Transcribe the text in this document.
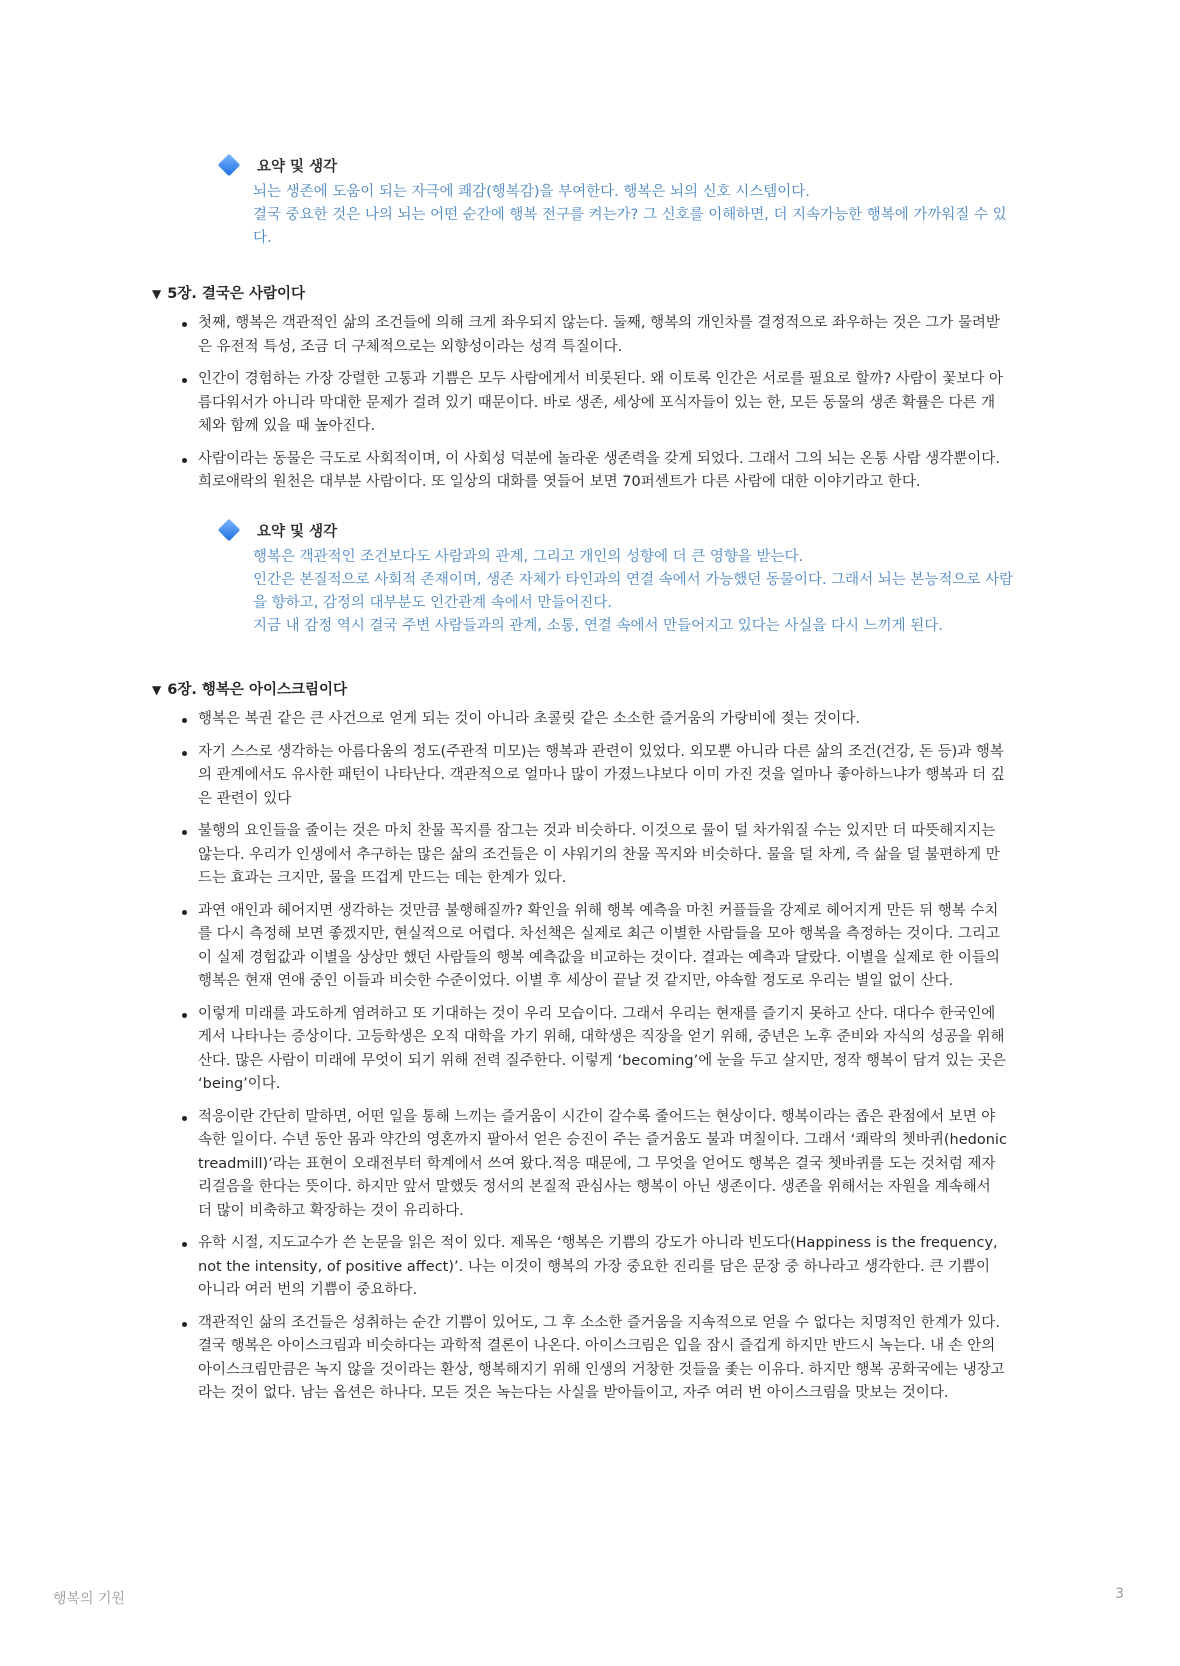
요약 및 생각

뇌는 생존에 도움이 되는 자극에 쾌감(행복감)을 부여한다. 행복은 뇌의 신호 시스템이다.

결국 중요한 것은 나의 뇌는 어떤 순간에 행복 전구를 켜는가? 그 신호를 이해하면, 더 지속가능한 행복에 가까워질 수 있다.

▼ 5장. 결국은 사람이다
첫째, 행복은 객관적인 삶의 조건들에 의해 크게 좌우되지 않는다. 둘째, 행복의 개인차를 결정적으로 좌우하는 것은 그가 물려받은 유전적 특성, 조금 더 구체적으로는 외향성이라는 성격 특질이다.
인간이 경험하는 가장 강렬한 고통과 기쁨은 모두 사람에게서 비롯된다. 왜 이토록 인간은 서로를 필요로 할까? 사람이 꽃보다 아름다워서가 아니라 막대한 문제가 걸려 있기 때문이다. 바로 생존, 세상에 포식자들이 있는 한, 모든 동물의 생존 확률은 다른 개체와 함께 있을 때 높아진다.
사람이라는 동물은 극도로 사회적이며, 이 사회성 덕분에 놀라운 생존력을 갖게 되었다. 그래서 그의 뇌는 온통 사람 생각뿐이다. 희로애락의 원천은 대부분 사람이다. 또 일상의 대화를 엿들어 보면 70퍼센트가 다른 사람에 대한 이야기라고 한다.
요약 및 생각

행복은 객관적인 조건보다도 사람과의 관계, 그리고 개인의 성향에 더 큰 영향을 받는다.

인간은 본질적으로 사회적 존재이며, 생존 자체가 타인과의 연결 속에서 가능했던 동물이다. 그래서 뇌는 본능적으로 사람을 향하고, 감정의 대부분도 인간관계 속에서 만들어진다.

지금 내 감정 역시 결국 주변 사람들과의 관계, 소통, 연결 속에서 만들어지고 있다는 사실을 다시 느끼게 된다.

▼ 6장. 행복은 아이스크림이다
행복은 복권 같은 큰 사건으로 얻게 되는 것이 아니라 초콜릿 같은 소소한 즐거움의 가랑비에 젖는 것이다.
자기 스스로 생각하는 아름다움의 정도(주관적 미모)는 행복과 관련이 있었다. 외모뿐 아니라 다른 삶의 조건(건강, 돈 등)과 행복의 관계에서도 유사한 패턴이 나타난다. 객관적으로 얼마나 많이 가졌느냐보다 이미 가진 것을 얼마나 좋아하느냐가 행복과 더 깊은 관련이 있다
불행의 요인들을 줄이는 것은 마치 찬물 꼭지를 잠그는 것과 비슷하다. 이것으로 물이 덜 차가워질 수는 있지만 더 따뜻해지지는 않는다. 우리가 인생에서 추구하는 많은 삶의 조건들은 이 샤워기의 찬물 꼭지와 비슷하다. 물을 덜 차게, 즉 삶을 덜 불편하게 만드는 효과는 크지만, 물을 뜨겁게 만드는 데는 한계가 있다.
과연 애인과 헤어지면 생각하는 것만큼 불행해질까? 확인을 위해 행복 예측을 마친 커플들을 강제로 헤어지게 만든 뒤 행복 수치를 다시 측정해 보면 좋겠지만, 현실적으로 어렵다. 차선책은 실제로 최근 이별한 사람들을 모아 행복을 측정하는 것이다. 그리고 이 실제 경험값과 이별을 상상만 했던 사람들의 행복 예측값을 비교하는 것이다. 결과는 예측과 달랐다. 이별을 실제로 한 이들의 행복은 현재 연애 중인 이들과 비슷한 수준이었다. 이별 후 세상이 끝날 것 같지만, 야속할 정도로 우리는 별일 없이 산다.
이렇게 미래를 과도하게 염려하고 또 기대하는 것이 우리 모습이다. 그래서 우리는 현재를 즐기지 못하고 산다. 대다수 한국인에게서 나타나는 증상이다. 고등학생은 오직 대학을 가기 위해, 대학생은 직장을 얻기 위해, 중년은 노후 준비와 자식의 성공을 위해 산다. 많은 사람이 미래에 무엇이 되기 위해 전력 질주한다. 이렇게 ‘becoming’에 눈을 두고 살지만, 정작 행복이 담겨 있는 곳은 ‘being’이다.
적응이란 간단히 말하면, 어떤 일을 통해 느끼는 즐거움이 시간이 갈수록 줄어드는 현상이다. 행복이라는 좁은 관점에서 보면 야속한 일이다. 수년 동안 몸과 약간의 영혼까지 팔아서 얻은 승진이 주는 즐거움도 불과 며칠이다. 그래서 ‘쾌락의 쳇바퀴(hedonic treadmill)’라는 표현이 오래전부터 학계에서 쓰여 왔다.적응 때문에, 그 무엇을 얻어도 행복은 결국 쳇바퀴를 도는 것처럼 제자리걸음을 한다는 뜻이다. 하지만 앞서 말했듯 정서의 본질적 관심사는 행복이 아닌 생존이다. 생존을 위해서는 자원을 계속해서 더 많이 비축하고 확장하는 것이 유리하다.
유학 시절, 지도교수가 쓴 논문을 읽은 적이 있다. 제목은 ‘행복은 기쁨의 강도가 아니라 빈도다(Happiness is the frequency, not the intensity, of positive affect)’. 나는 이것이 행복의 가장 중요한 진리를 담은 문장 중 하나라고 생각한다. 큰 기쁨이 아니라 여러 번의 기쁨이 중요하다.
객관적인 삶의 조건들은 성취하는 순간 기쁨이 있어도, 그 후 소소한 즐거움을 지속적으로 얻을 수 없다는 치명적인 한계가 있다. 결국 행복은 아이스크림과 비슷하다는 과학적 결론이 나온다. 아이스크림은 입을 잠시 즐겁게 하지만 반드시 녹는다. 내 손 안의 아이스크림만큼은 녹지 않을 것이라는 환상, 행복해지기 위해 인생의 거창한 것들을 좇는 이유다. 하지만 행복 공화국에는 냉장고라는 것이 없다. 남는 옵션은 하나다. 모든 것은 녹는다는 사실을 받아들이고, 자주 여러 번 아이스크림을 맛보는 것이다.
행복의 기원	3
